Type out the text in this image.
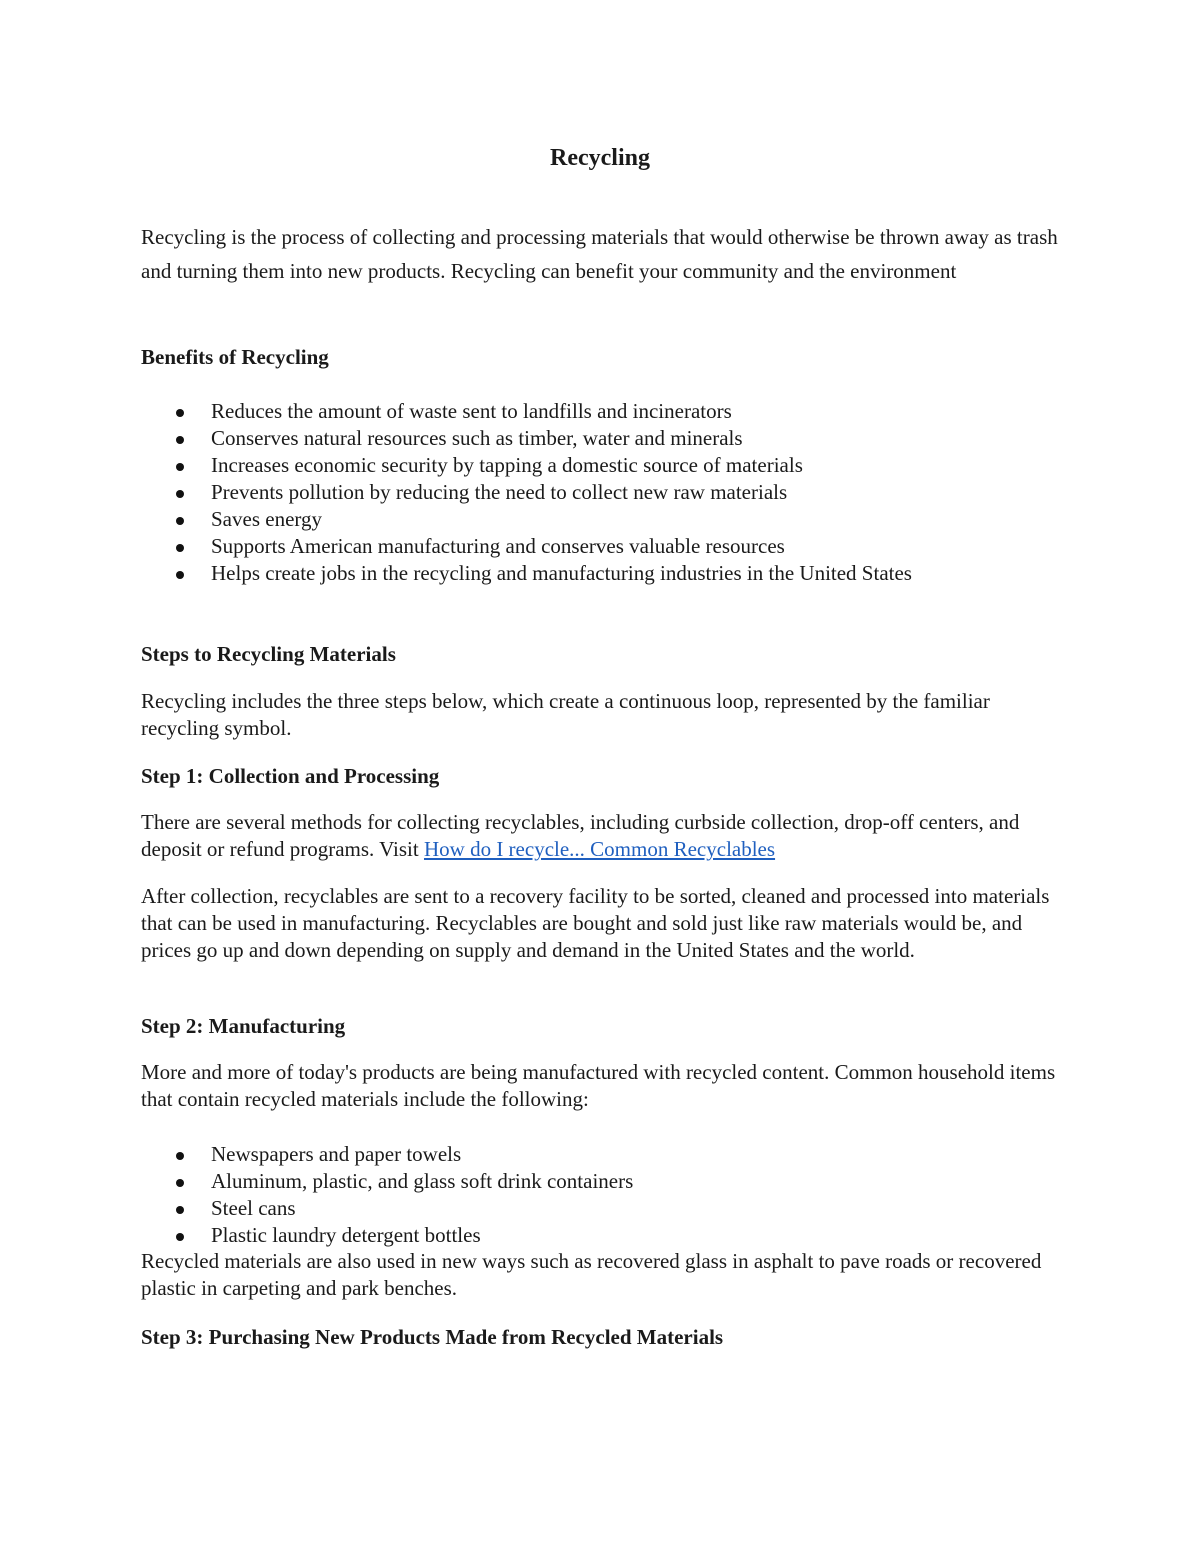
Recycling

Recycling is the process of collecting and processing materials that would otherwise be thrown away as trash and turning them into new products. Recycling can benefit your community and the environment

Benefits of Recycling
Reduces the amount of waste sent to landfills and incinerators
Conserves natural resources such as timber, water and minerals
Increases economic security by tapping a domestic source of materials
Prevents pollution by reducing the need to collect new raw materials
Saves energy
Supports American manufacturing and conserves valuable resources
Helps create jobs in the recycling and manufacturing industries in the United States
Steps to Recycling Materials

Recycling includes the three steps below, which create a continuous loop, represented by the familiar recycling symbol.

Step 1: Collection and Processing

There are several methods for collecting recyclables, including curbside collection, drop-off centers, and deposit or refund programs. Visit How do I recycle... Common Recyclables

After collection, recyclables are sent to a recovery facility to be sorted, cleaned and processed into materials that can be used in manufacturing. Recyclables are bought and sold just like raw materials would be, and prices go up and down depending on supply and demand in the United States and the world.

Step 2: Manufacturing

More and more of today's products are being manufactured with recycled content. Common household items that contain recycled materials include the following:

Newspapers and paper towels
Aluminum, plastic, and glass soft drink containers
Steel cans
Plastic laundry detergent bottles

Recycled materials are also used in new ways such as recovered glass in asphalt to pave roads or recovered plastic in carpeting and park benches.

Step 3: Purchasing New Products Made from Recycled Materials
